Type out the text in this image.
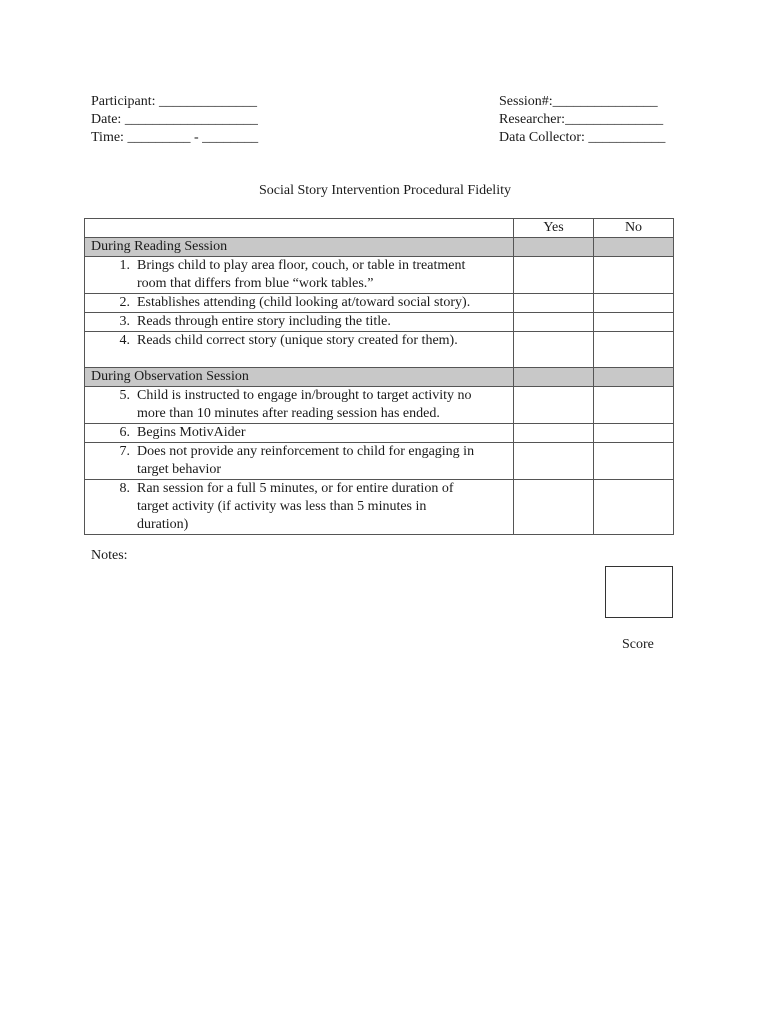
Participant: ______________
Date: ___________________
Time: _________ - ________
Session#:_______________
Researcher:______________
Data Collector: ___________
Social Story Intervention Procedural Fidelity
	Yes	No
During Reading Session		

1. Brings child to play area floor, couch, or table in treatment
room that differs from blue “work tables.”		

2. Establishes attending (child looking at/toward social story).		

3. Reads through entire story including the title.		

4. Reads child correct story (unique story created for them).		

During Observation Session		

5. Child is instructed to engage in/brought to target activity no
more than 10 minutes after reading session has ended.		

6. Begins MotivAider		

7. Does not provide any reinforcement to child for engaging in
target behavior		

8. Ran session for a full 5 minutes, or for entire duration of
target activity (if activity was less than 5 minutes in
duration)		

Notes:
Score
